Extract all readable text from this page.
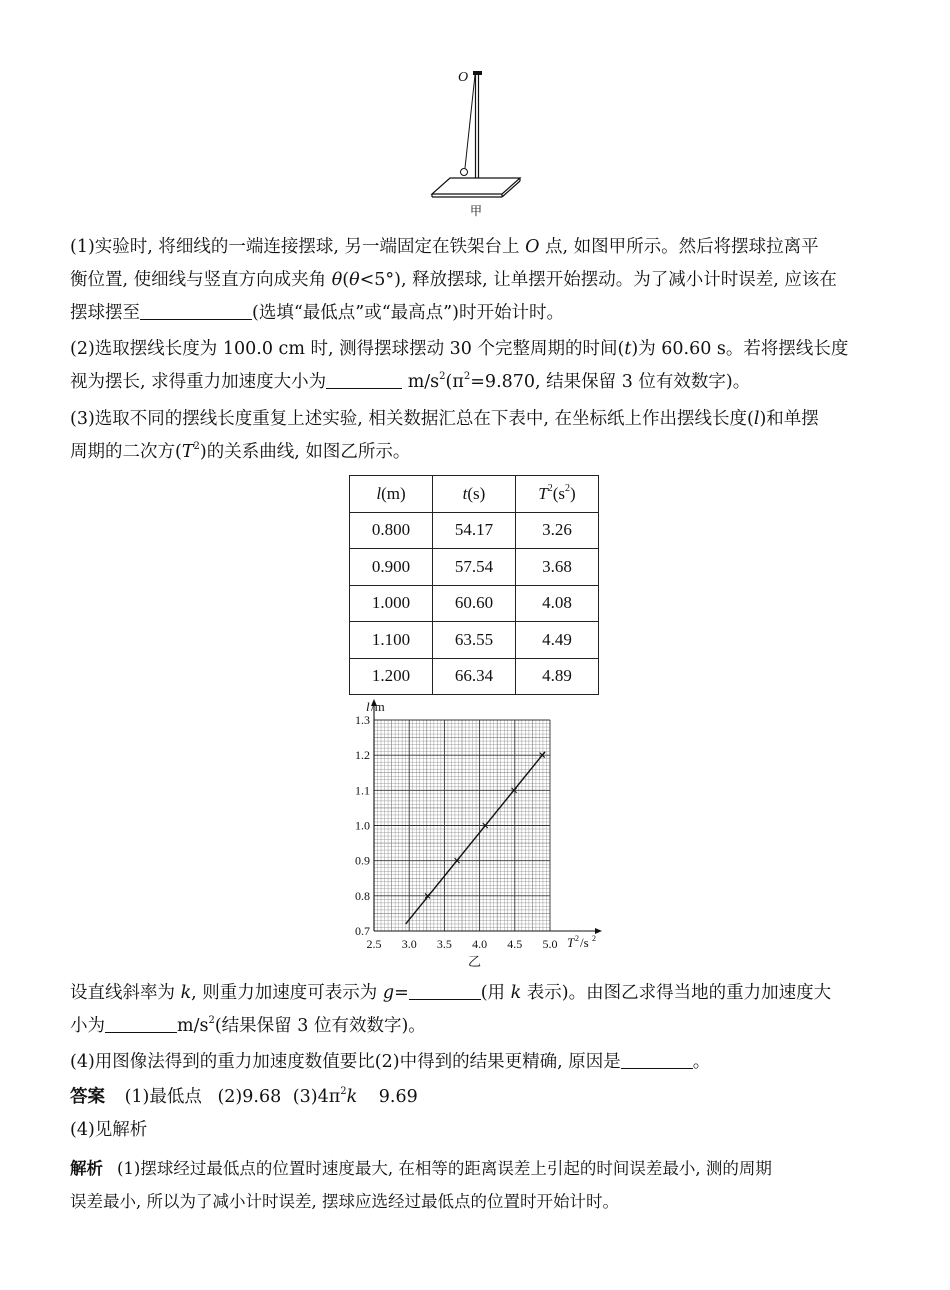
O
甲
(1)实验时, 将细线的一端连接摆球, 另一端固定在铁架台上 O 点, 如图甲所示。然后将摆球拉离平
衡位置, 使细线与竖直方向成夹角 θ(θ<5°), 释放摆球, 让单摆开始摆动。为了减小计时误差, 应该在
摆球摆至	(选填“最低点”或“最高点”)时开始计时。
(2)选取摆线长度为 100.0 cm 时, 测得摆球摆动 30 个完整周期的时间(t)为 60.60 s。若将摆线长度
视为摆长, 求得重力加速度大小为	$m/s^2(\pi^2=9.870$, 结果保留 3 位有效数字)。
(3)选取不同的摆线长度重复上述实验, 相关数据汇总在下表中, 在坐标纸上作出摆线长度(l)和单摆
周期的二次方$(T^2)$的关系曲线, 如图乙所示。
l(m)	t(s)	$T^2(s^2)$
0.800	54.17	3.26
0.900	57.54	3.68
1.000	60.60	4.08
1.100	63.55	4.49
1.200	66.34	4.89
2.5 3.0 3.5 4.0 4.5 5.0
0.7
0.8
0.9
1.0
1.1
1.2
1.3
l /m
T 2 /s 2
乙
设直线斜率为 k, 则重力加速度可表示为 g=	(用 k 表示)。由图乙求得当地的重力加速度大
小为	$m/s^2$(结果保留 3 位有效数字)。
(4)用图像法得到的重力加速度数值要比(2)中得到的结果更精确, 原因是	。
答案 (1)最低点 (2)9.68 $(3)4\pi^2k$ 9.69
(4)见解析
解析 (1)摆球经过最低点的位置时速度最大, 在相等的距离误差上引起的时间误差最小, 测的周期
误差最小, 所以为了减小计时误差, 摆球应选经过最低点的位置时开始计时。
